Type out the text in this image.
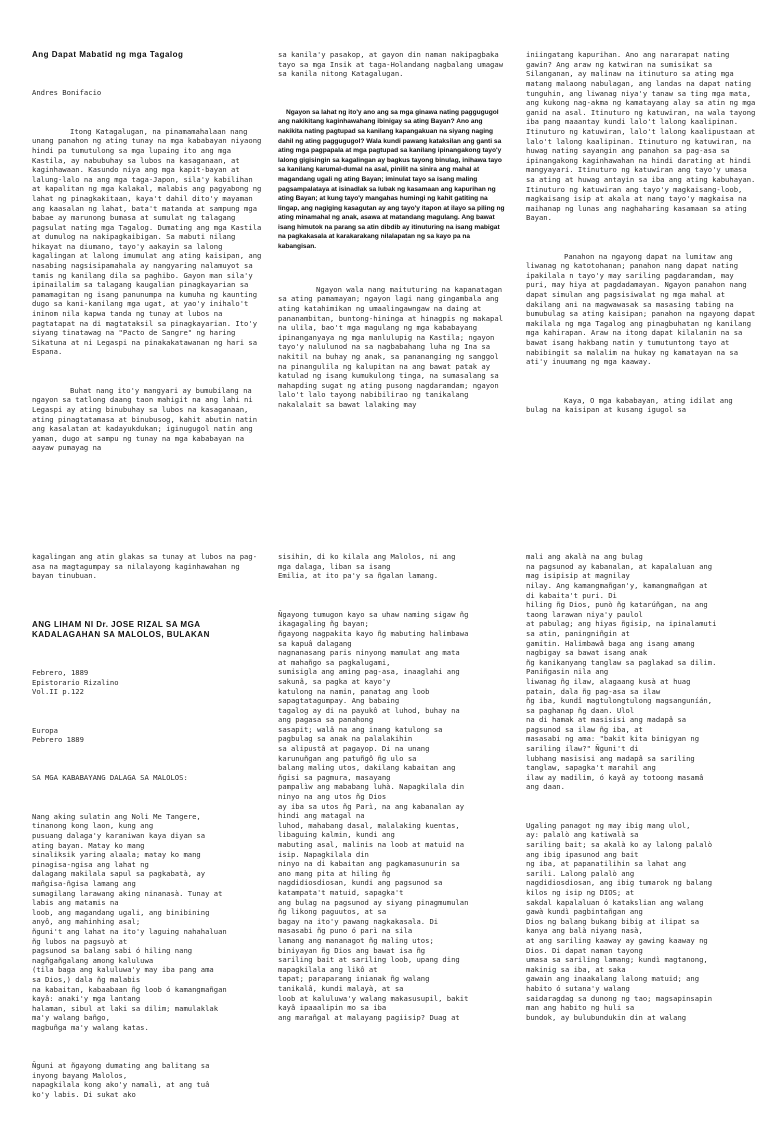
Ang Dapat Mabatid ng mga Tagalog

Andres Bonifacio

Itong Katagalugan, na pinamamahalaan nang unang panahon ng ating tunay na mga kababayan niyaong hindi pa tumutulong sa mga lupaing ito ang mga Kastila, ay nabubuhay sa lubos na kasaganaan, at kaginhawaan. Kasundo niya ang mga kapit-bayan at lalung-lalo na ang mga taga-Japon, sila'y kabilihan at kapalitan ng mga kalakal, malabis ang pagyabong ng lahat ng pinagkakitaan, kaya't dahil dito'y mayaman ang kaasalan ng lahat, bata't matanda at sampung mga babae ay marunong bumasa at sumulat ng talagang pagsulat nating mga Tagalog. Dumating ang mga Kastila at dumulog na nakipagkaibigan. Sa mabuti nilang hikayat na diumano, tayo'y aakayin sa lalong kagalingan at lalong imumulat ang ating kaisipan, ang nasabing nagsisipamahala ay nangyaring nalamuyot sa tamis ng kanilang dila sa paghibo. Gayon man sila'y ipinailalim sa talagang kaugalian pinagkayarian sa pamamagitan ng isang panunumpa na kumuha ng kaunting dugo sa kani-kanilang mga ugat, at yao'y inihalo't ininom nila kapwa tanda ng tunay at lubos na pagtatapat na di magtataksil sa pinagkayarian. Ito'y siyang tinatawag na "Pacto de Sangre" ng haring Sikatuna at ni Legaspi na pinakakatawanan ng hari sa Espana.

Buhat nang ito'y mangyari ay bumubilang na ngayon sa tatlong daang taon mahigit na ang lahi ni Legaspi ay ating binubuhay sa lubos na kasaganaan, ating pinagtatamasa at binubusog, kahit abutin natin ang kasalatan at kadayukdukan; iginugugol natin ang yaman, dugo at sampu ng tunay na mga kababayan na aayaw pumayag na

sa kanila'y pasakop, at gayon din naman nakipagbaka tayo sa mga Insik at taga-Holandang nagbalang umagaw sa kanila nitong Katagalugan.

Ngayon sa lahat ng ito'y ano ang sa mga ginawa nating paggugugol ang nakikitang kaginhawahang ibinigay sa ating Bayan? Ano ang nakikita nating pagtupad sa kanilang kapangakuan na siyang naging dahil ng ating paggugugol? Wala kundi pawang kataksilan ang ganti sa ating mga pagpapala at mga pagtupad sa kanilang ipinangakong tayo'y lalong gigisingin sa kagalingan ay bagkus tayong binulag, inihawa tayo sa kanilang karumal-dumal na asal, pinilit na sinira ang mahal at magandang ugali ng ating Bayan; iminulat tayo sa isang maling pagsampalataya at isinadlak sa lubak ng kasamaan ang kapurihan ng ating Bayan; at kung tayo'y mangahas humingi ng kahit gatiting na lingap, ang nagiging kasagutan ay ang tayo'y itapon at ilayo sa piling ng ating minamahal ng anak, asawa at matandang magulang. Ang bawat isang himutok na parang sa atin dibdib ay itinuturing na isang mabigat na pagkakasala at karakarakang nilalapatan ng sa kayo pa na kabangisan.

Ngayon wala nang maituturing na kapanatagan sa ating pamamayan; ngayon lagi nang gingambala ang ating katahimikan ng umaalingawngaw na daing at pananambitan, buntong-hininga at hinagpis ng makapal na ulila, bao't mga magulang ng mga kababayang ipinanganyaya ng mga manlulupig na Kastila; ngayon tayo'y nalulunod na sa nagbabahang luha ng Ina sa nakitil na buhay ng anak, sa panananging ng sanggol na pinangulila ng kalupitan na ang bawat patak ay katulad ng isang kumukulong tinga, na sumasalang sa mahapding sugat ng ating pusong nagdaramdam; ngayon lalo't lalo tayong nabibilirao ng tanikalang nakalalait sa bawat lalaking may

iniingatang kapurihan. Ano ang nararapat nating gawin? Ang araw ng katwiran na sumisikat sa Silanganan, ay malinaw na itinuturo sa ating mga matang malaong nabulagan, ang landas na dapat nating tunguhin, ang liwanag niya'y tanaw sa ting mga mata, ang kukong nag-akma ng kamatayang alay sa atin ng mga ganid na asal. Itinuturo ng katuwiran, na wala tayong iba pang maaantay kundi lalo't lalong kaalipinan. Itinuturo ng katuwiran, lalo't lalong kaalipustaan at lalo't lalong kaalipinan. Itinuturo ng katuwiran, na huwag nating sayangin ang panahon sa pag-asa sa ipinangakong kaginhawahan na hindi darating at hindi mangyayari. Itinuturo ng katuwiran ang tayo'y umasa sa ating at huwag antayin sa iba ang ating kabuhayan. Itinuturo ng katuwiran ang tayo'y magkaisang-loob, magkaisang isip at akala at nang tayo'y magkaisa na maihanap ng lunas ang naghaharing kasamaan sa ating Bayan.

Panahon na ngayong dapat na lumitaw ang liwanag ng katotohanan; panahon nang dapat nating ipakilala n tayo'y may sariling pagdaramdam, may puri, may hiya at pagdadamayan. Ngayon panahon nang dapat simulan ang pagsisiwalat ng mga mahal at dakilang ani na magwawasak sa masasing tabing na bumubulag sa ating kaisipan; panahon na ngayong dapat makilala ng mga Tagalog ang pinagbuhatan ng kanilang mga kahirapan. Araw na itong dapat kilalanin na sa bawat isang hakbang natin y tumutuntong tayo at nabibingit sa malalim na hukay ng kamatayan na sa ati'y inuumang ng mga kaaway.

Kaya, O mga kababayan, ating idilat ang bulag na kaisipan at kusang igugol sa

kagalingan ang atin glakas sa tunay at lubos na pag-asa na magtagumpay sa nilalayong kaginhawahan ng bayan tinubuan.

ANG LIHAM NI Dr. JOSE RIZAL SA MGA KADALAGAHAN SA MALOLOS, BULAKAN

Febrero, 1889
Epistorario Rizalino
Vol.II p.122

Europa
Pebrero 1889

SA MGA KABABAYANG DALAGA SA MALOLOS:

Nang aking sulatin ang Noli Me Tangere,
tinanong kong laon, kung ang
pusuang dalaga'y karaniwan kaya diyan sa
ating bayan. Matay ko mang
sinaliksik yaring alaala; matay ko mang
pinagisa-ngisa ang lahat ng
dalagang makilala sapul sa pagkabatà, ay
mañgisa-ñgisa lamang ang
sumagilang larawang aking ninanasà. Tunay at
labis ang matamis na
loob, ang magandang ugali, ang binibining
anyô, ang mahinhing asal;
ñguni't ang lahat na ito'y laguing nahahaluan
ñg lubos na pagsuyò at
pagsunod sa balang sabi ó hiling nang
nagñgañgalang among kaluluwa
(tila baga ang kaluluwa'y may iba pang ama
sa Dios,) dala ñg malabis
na kabaitan, kabaabaan ñg loob ó kamangmañgan
kayâ: anaki'y mga lantang
halaman, sibul at laki sa dilim; mamulaklak
ma'y walang bañgo,
magbuñga ma'y walang katas.

Ñguni at ñgayong dumating ang balitang sa
inyong bayang Malolos,
napagkilala kong ako'y namalì, at ang tuâ
ko'y labis. Di sukat ako

sisihin, di ko kilala ang Malolos, ni ang
mga dalaga, liban sa isang
Emilia, at ito pa'y sa ñgalan lamang.

Ñgayong tumugon kayo sa uhaw naming sigaw ñg
ikagagaling ñg bayan;
ñgayong nagpakita kayo ñg mabuting halimbawa
sa kapuâ dalagang
nagnanasang paris ninyong mamulat ang mata
at mahañgo sa pagkalugami,
sumisigla ang aming pag-asa, inaaglahi ang
sakunâ, sa pagka at kayo'y
katulong na namin, panatag ang loob
sapagtatagumpay. Ang babaing
tagalog ay di na payukô at luhod, buhay na
ang pagasa sa panahong
sasapit; walâ na ang inang katulong sa
pagbulag sa anak na palalakihin
sa alipustâ at pagayop. Di na unang
karunuñgan ang patuñgô ñg ulo sa
balang maling utos, dakilang kabaitan ang
ñgisi sa pagmura, masayang
pampalìw ang mababang luhà. Napagkilala din
ninyo na ang utos ñg Dios
ay iba sa utos ñg Parì, na ang kabanalan ay
hindi ang matagal na
luhod, mahabang dasal, malalaking kuentas,
libaguing kalmin, kundi ang
mabuting asal, malinis na loob at matuid na
isip. Napagkilala din
ninyo na di kabaitan ang pagkamasunurin sa
ano mang pita at hiling ñg
nagdidiosdiosan, kundi ang pagsunod sa
katampata't matuid, sapagka't
ang bulag na pagsunod ay siyang pinagmumulan
ñg likong paguutos, at sa
bagay na ito'y pawang nagkakasala. Di
masasabi ñg puno ó parì na sila
lamang ang mananagot ñg maling utos;
biniyayan ñg Dios ang bawat isa ñg
sariling bait at sariling loob, upang ding
mapagkilala ang likô at
tapat; paraparang inianak ñg walang
tanikalâ, kundi malayà, at sa
loob at kaluluwa'y walang makasusupil, bakit
kayâ ipaaalipin mo sa iba
ang marañgal at malayang pagiisip? Duag at

mali ang akalà na ang bulag
na pagsunod ay kabanalan, at kapalaluan ang
mag isipisip at magnilay
nilay. Ang kamangmañgan'y, kamangmañgan at
di kabaita't puri. Di
hiling ñg Dios, punò ñg katarúñgan, na ang
taong larawan niya'y paulol
at pabulag; ang hiyas ñgisip, na ipinalamuti
sa atin, paningniñgin at
gamitin. Halimbawâ baga ang isang amang
nagbigay sa bawat isang anak
ñg kanikanyang tanglaw sa paglakad sa dilim.
Paniñgasin nila ang
liwanag ñg ilaw, alagaang kusà at huag
patain, dala ñg pag-asa sa ilaw
ñg iba, kundî magtulongtulong magsanguníán,
sa paghanap ñg daan. Ulol
na di hamak at masisisi ang madapâ sa
pagsunod sa ilaw ñg iba, at
masasabi ng ama: "bakit kita binigyan ng
sariling ilaw?" Ñguni't di
lubhang masisisi ang madapâ sa sariling
tanglaw, sapagka't marahil ang
ilaw ay madilim, ó kayâ ay totoong masamâ
ang daan.

Ugaling panagot ng may ibig mang ulol,
ay: palalò ang katiwalà sa
sariling bait; sa akalà ko ay lalong palalò
ang ibig ipasunod ang bait
ng iba, at papanatilihin sa lahat ang
sarili. Lalong palalò ang
nagdidiosdiosan, ang ibig tumarok ng balang
kilos ng isip ng DIOS; at
sakdal kapalaluan ó katakslian ang walang
gawà kundì pagbintañgan ang
Dios ng balang bukang bibig at ilipat sa
kanya ang balà niyang nasà,
at ang sariling kaaway ay gawing kaaway ng
Dios. Di dapat naman tayong
umasa sa sariling lamang; kundì magtanong,
makinig sa iba, at saka
gawain ang inaakalang lalong matuid; ang
habito ó sutana'y walang
saidaragdag sa dunong ng tao; magsapinsapin
man ang habito ng huli sa
bundok, ay bulubundukin din at walang
